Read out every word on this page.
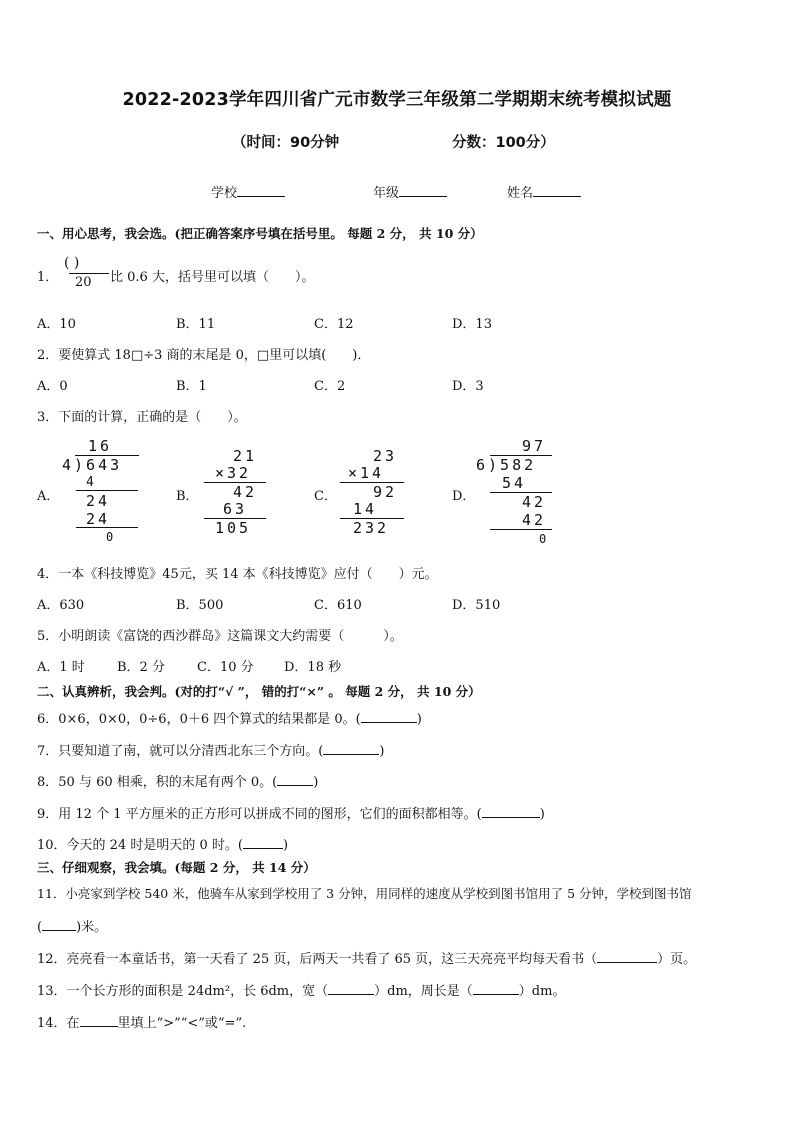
2022-2023学年四川省广元市数学三年级第二学期期末统考模拟试题
（时间：90分钟	分数：100分）
学校	年级	姓名
一、用心思考，我会选。(把正确答案序号填在括号里。 每题 2 分， 共 10 分）
1．
( )
20 比 0.6 大，括号里可以填（　　）。
A．10	B．11	C．12	D．13
2．要使算式 18□÷3 商的末尾是 0，□里可以填(　　)．
A．0	B．1	C．2	D．3
3．下面的计算，正确的是（　　）。
A．
16
4)643
4
24
24
0
B．
21
×32
42
63
105
C．
23
×14
92
14
232
D．
97
6)582
54
42
42
0
4．一本《科技博览》45元，买 14 本《科技博览》应付（　　）元。
A．630	B．500	C．610	D．510
5．小明朗读《富饶的西沙群岛》这篇课文大约需要（　　　）。
A．1 时 B．2 分 C．10 分 D．18 秒
二、认真辨析，我会判。(对的打“√ ”， 错的打“×” 。 每题 2 分， 共 10 分）
6．0×6，0×0，0÷6，0＋6 四个算式的结果都是 0。(	)
7．只要知道了南，就可以分清西北东三个方向。(	)
8．50 与 60 相乘，积的末尾有两个 0。(	)
9．用 12 个 1 平方厘米的正方形可以拼成不同的图形，它们的面积都相等。(	)
10．今天的 24 时是明天的 0 时。(	)
三、仔细观察，我会填。(每题 2 分， 共 14 分）
11．小亮家到学校 540 米，他骑车从家到学校用了 3 分钟，用同样的速度从学校到图书馆用了 5 分钟，学校到图书馆
(	)米。
12．亮亮看一本童话书，第一天看了 25 页，后两天一共看了 65 页，这三天亮亮平均每天看书（	）页。
13．一个长方形的面积是 24dm²，长 6dm，宽（	）dm，周长是（	）dm。
14．在	里填上“>”“<”或“=”.
